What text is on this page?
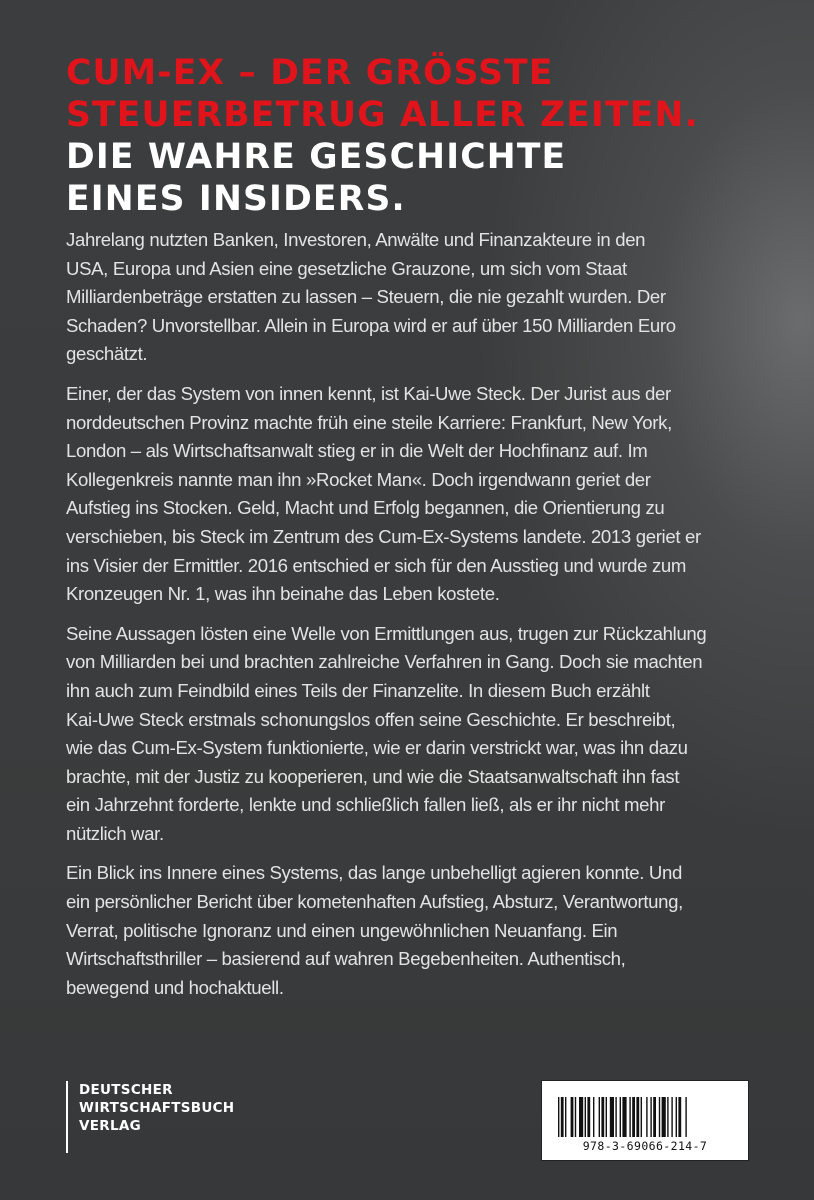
CUM-EX – DER GRÖSSTE
STEUERBETRUG ALLER ZEITEN.
DIE WAHRE GESCHICHTE
EINES INSIDERS.

Jahrelang nutzten Banken, Investoren, Anwälte und Finanzakteure in den
USA, Europa und Asien eine gesetzliche Grauzone, um sich vom Staat
Milliardenbeträge erstatten zu lassen – Steuern, die nie gezahlt wurden. Der
Schaden? Unvorstellbar. Allein in Europa wird er auf über 150 Milliarden Euro
geschätzt.

Einer, der das System von innen kennt, ist Kai-Uwe Steck. Der Jurist aus der
norddeutschen Provinz machte früh eine steile Karriere: Frankfurt, New York,
London – als Wirtschaftsanwalt stieg er in die Welt der Hochfinanz auf. Im
Kollegenkreis nannte man ihn »Rocket Man«. Doch irgendwann geriet der
Aufstieg ins Stocken. Geld, Macht und Erfolg begannen, die Orientierung zu
verschieben, bis Steck im Zentrum des Cum-Ex-Systems landete. 2013 geriet er
ins Visier der Ermittler. 2016 entschied er sich für den Ausstieg und wurde zum
Kronzeugen Nr. 1, was ihn beinahe das Leben kostete.

Seine Aussagen lösten eine Welle von Ermittlungen aus, trugen zur Rückzahlung
von Milliarden bei und brachten zahlreiche Verfahren in Gang. Doch sie machten
ihn auch zum Feindbild eines Teils der Finanzelite. In diesem Buch erzählt
Kai-Uwe Steck erstmals schonungslos offen seine Geschichte. Er beschreibt,
wie das Cum-Ex-System funktionierte, wie er darin verstrickt war, was ihn dazu
brachte, mit der Justiz zu kooperieren, und wie die Staatsanwaltschaft ihn fast
ein Jahrzehnt forderte, lenkte und schließlich fallen ließ, als er ihr nicht mehr
nützlich war.

Ein Blick ins Innere eines Systems, das lange unbehelligt agieren konnte. Und
ein persönlicher Bericht über kometenhaften Aufstieg, Absturz, Verantwortung,
Verrat, politische Ignoranz und einen ungewöhnlichen Neuanfang. Ein
Wirtschaftsthriller – basierend auf wahren Begebenheiten. Authentisch,
bewegend und hochaktuell.

DEUTSCHER
WIRTSCHAFTSBUCH
VERLAG
978-3-69066-214-7
